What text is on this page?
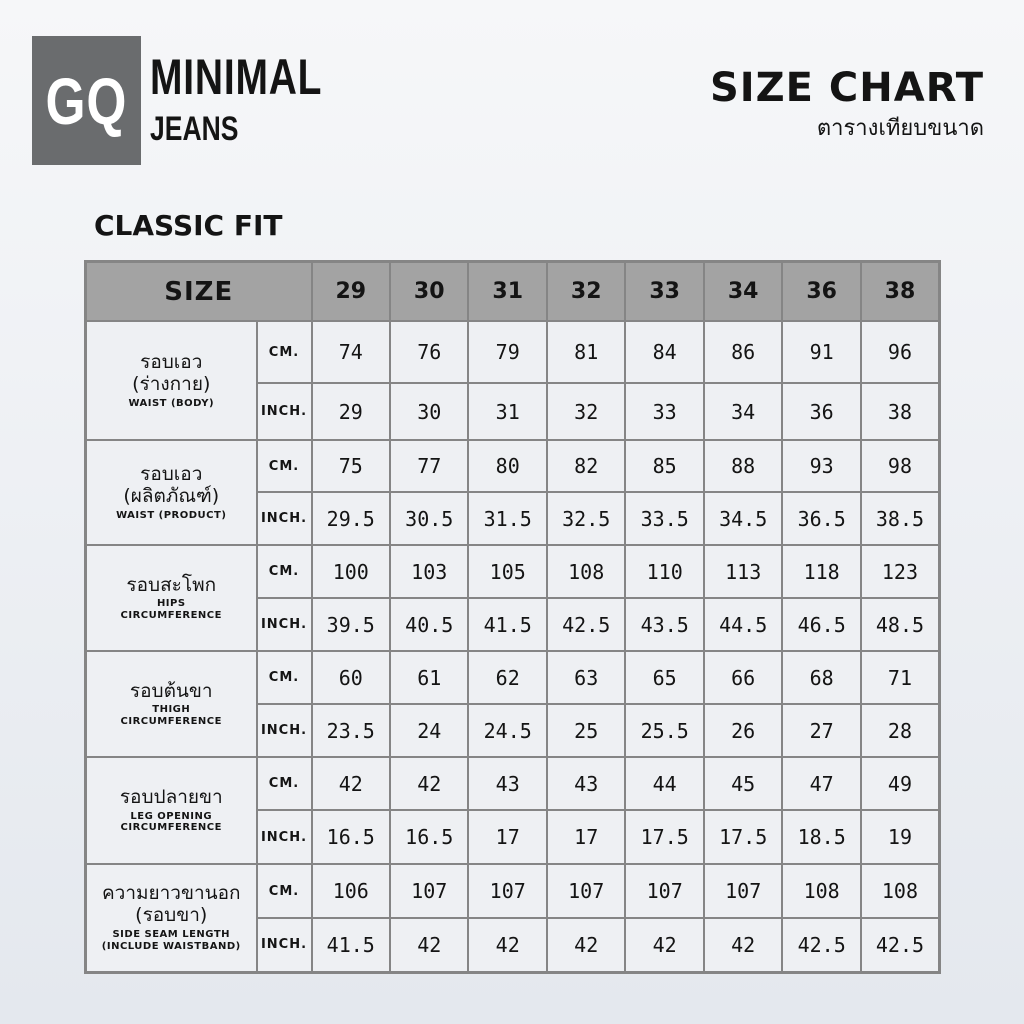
GQ MINIMAL
JEANS
SIZE CHART
ตารางเทียบขนาด
CLASSIC FIT
SIZE		29	30	31	32	33	34	36	38

รอบเอว
(ร่างกาย)
WAIST (BODY)	CM.	74	76	79	81	84	86	91	96
	INCH.	29	30	31	32	33	34	36	38

รอบเอว
(ผลิตภัณฑ์)
WAIST (PRODUCT)	CM.	75	77	80	82	85	88	93	98
	INCH.	29.5	30.5	31.5	32.5	33.5	34.5	36.5	38.5

รอบสะโพก
HIPS
CIRCUMFERENCE	CM.	100	103	105	108	110	113	118	123
	INCH.	39.5	40.5	41.5	42.5	43.5	44.5	46.5	48.5

รอบต้นขา
THIGH
CIRCUMFERENCE	CM.	60	61	62	63	65	66	68	71
	INCH.	23.5	24	24.5	25	25.5	26	27	28

รอบปลายขา
LEG OPENING
CIRCUMFERENCE	CM.	42	42	43	43	44	45	47	49
	INCH.	16.5	16.5	17	17	17.5	17.5	18.5	19

ความยาวขานอก
(รอบขา)
SIDE SEAM LENGTH
(INCLUDE WAISTBAND)	CM.	106	107	107	107	107	107	108	108
	INCH.	41.5	42	42	42	42	42	42.5	42.5
